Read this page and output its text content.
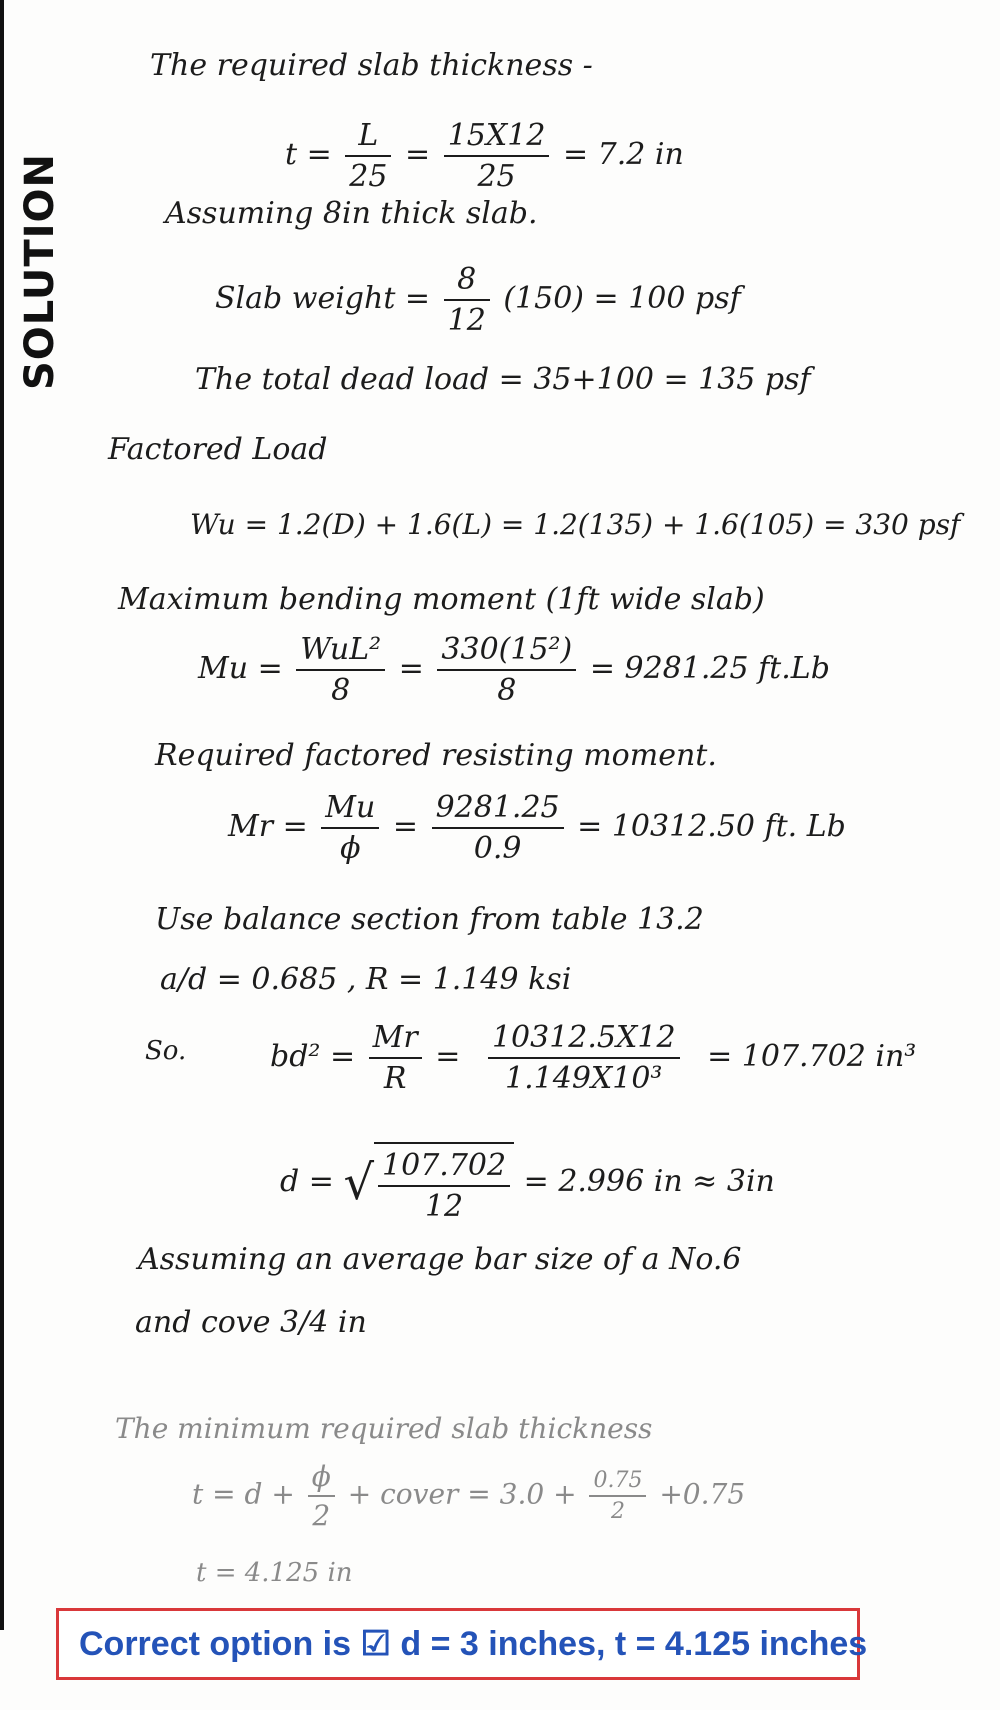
SOLUTION
The required slab thickness -
$t = \frac{L}{25} = \frac{15X12}{25} = 7.2$ in
Assuming 8in thick slab.
Slab weight = $\frac{8}{12} (150) = 100$ psf
The total dead load = 35+100 = 135 psf
Factored Load
Wu = 1.2(D) + 1.6(L) = 1.2(135) + 1.6(105) = 330 psf
Maximum bending moment (1ft wide slab)
$Mu = \frac{\text{WuL²}}{8} = \frac{\text{330(15²)}}{8} = 9281.25$ ft.Lb
Required factored resisting moment.
$Mr = \frac{Mu}{\phi} = \frac{9281.25}{0.9} = 10312.50$ ft. Lb
Use balance section from table 13.2
a/d = 0.685 , R = 1.149 ksi
So.	$bd^2 = \frac{Mr}{R} = \frac{10312.5X12}{\text{1.149X10³}} = 107.702$ in³
d = √ $\frac{107.702}{12} = 2.996$ in ≈ 3in
Assuming an average bar size of a No.6
and cove 3/4 in
The minimum required slab thickness
$t = d + \frac{\phi}{2}$ + cover = $3.0 + \frac{0.75}{2} +0.75$
t = 4.125 in
Correct option is ☑ d = 3 inches, t = 4.125 inches
